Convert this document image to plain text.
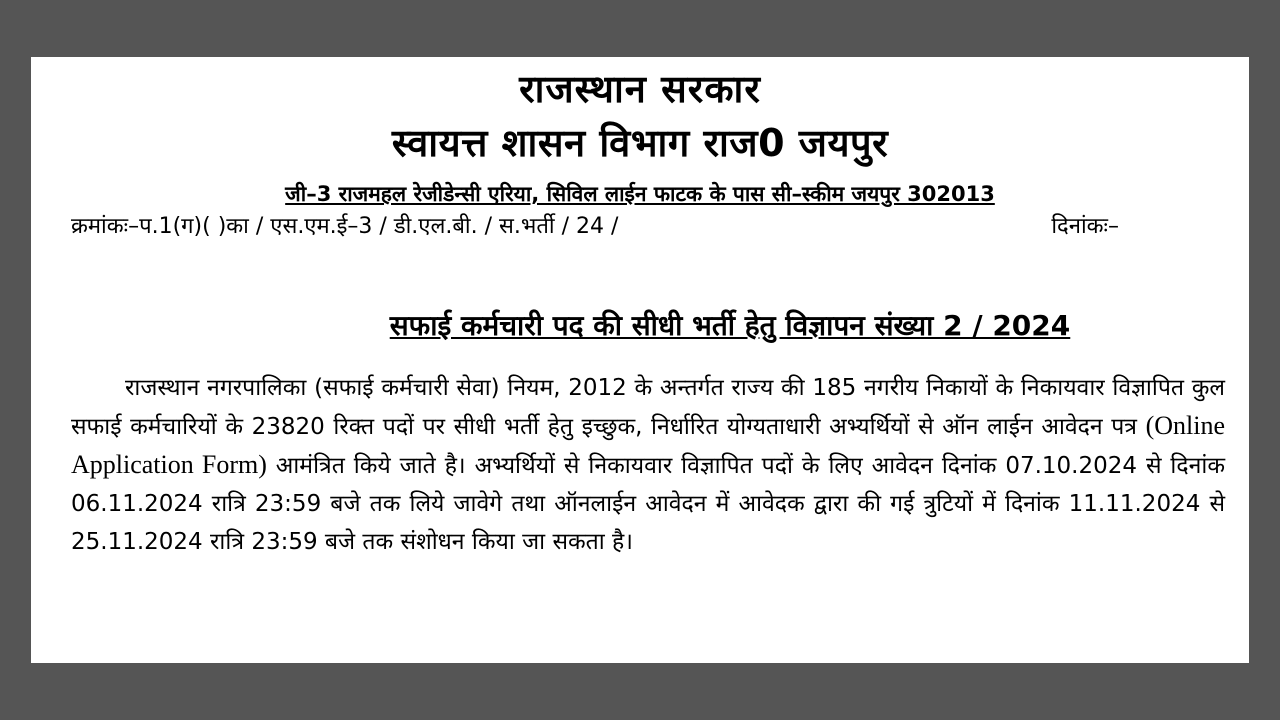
राजस्थान सरकार
स्वायत्त शासन विभाग राज0 जयपुर
जी–3 राजमहल रेजीडेन्सी एरिया, सिविल लाईन फाटक के पास सी–स्कीम जयपुर 302013
क्रमांकः–प.1(ग)( )का / एस.एम.ई–3 / डी.एल.बी. / स.भर्ती / 24 /	दिनांकः–
सफाई कर्मचारी पद की सीधी भर्ती हेतु विज्ञापन संख्या 2 / 2024
राजस्थान नगरपालिका (सफाई कर्मचारी सेवा) नियम, 2012 के अन्तर्गत राज्य की 185 नगरीय निकायों के निकायवार विज्ञापित कुल सफाई कर्मचारियों के 23820 रिक्त पदों पर सीधी भर्ती हेतु इच्छुक, निर्धारित योग्यताधारी अभ्यर्थियों से ऑन लाईन आवेदन पत्र (Online Application Form) आमंत्रित किये जाते है। अभ्यर्थियों से निकायवार विज्ञापित पदों के लिए आवेदन दिनांक 07.10.2024 से दिनांक 06.11.2024 रात्रि 23:59 बजे तक लिये जावेगे तथा ऑनलाईन आवेदन में आवेदक द्वारा की गई त्रुटियों में दिनांक 11.11.2024 से 25.11.2024 रात्रि 23:59 बजे तक संशोधन किया जा सकता है।
